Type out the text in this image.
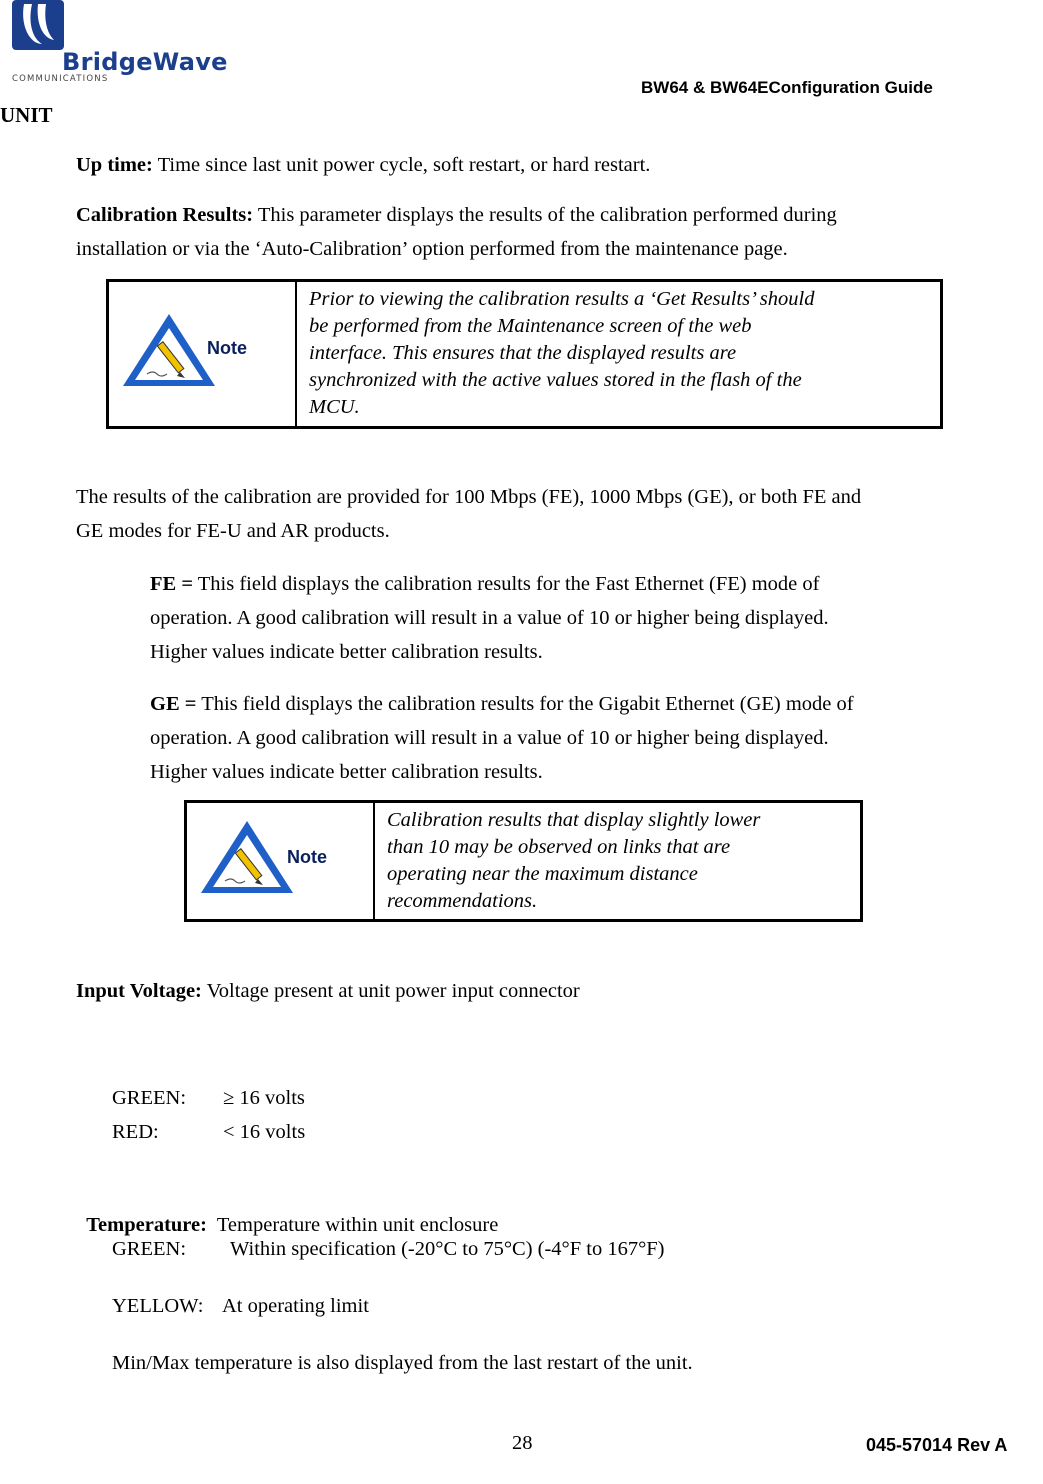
BridgeWave
COMMUNICATIONS	BW64 & BW64EConfiguration Guide
UNIT
Up time: Time since last unit power cycle, soft restart, or hard restart.
Calibration Results: This parameter displays the results of the calibration performed during
installation or via the ‘Auto-Calibration’ option performed from the maintenance page.
Note
Prior to viewing the calibration results a ‘Get Results’ should
be performed from the Maintenance screen of the web
interface. This ensures that the displayed results are
synchronized with the active values stored in the flash of the
MCU.
The results of the calibration are provided for 100 Mbps (FE), 1000 Mbps (GE), or both FE and
GE modes for FE-U and AR products.
FE = This field displays the calibration results for the Fast Ethernet (FE) mode of
operation. A good calibration will result in a value of 10 or higher being displayed.
Higher values indicate better calibration results.
GE = This field displays the calibration results for the Gigabit Ethernet (GE) mode of
operation. A good calibration will result in a value of 10 or higher being displayed.
Higher values indicate better calibration results.
Note
Calibration results that display slightly lower
than 10 may be observed on links that are
operating near the maximum distance
recommendations.
Input Voltage: Voltage present at unit power input connector
GREEN: ≥ 16 volts
RED:	< 16 volts

Temperature:  Temperature within unit enclosure

GREEN: Within specification (-20°C to 75°C) (-4°F to 167°F)
YELLOW: At operating limit
Min/Max temperature is also displayed from the last restart of the unit.
28	045-57014 Rev A
